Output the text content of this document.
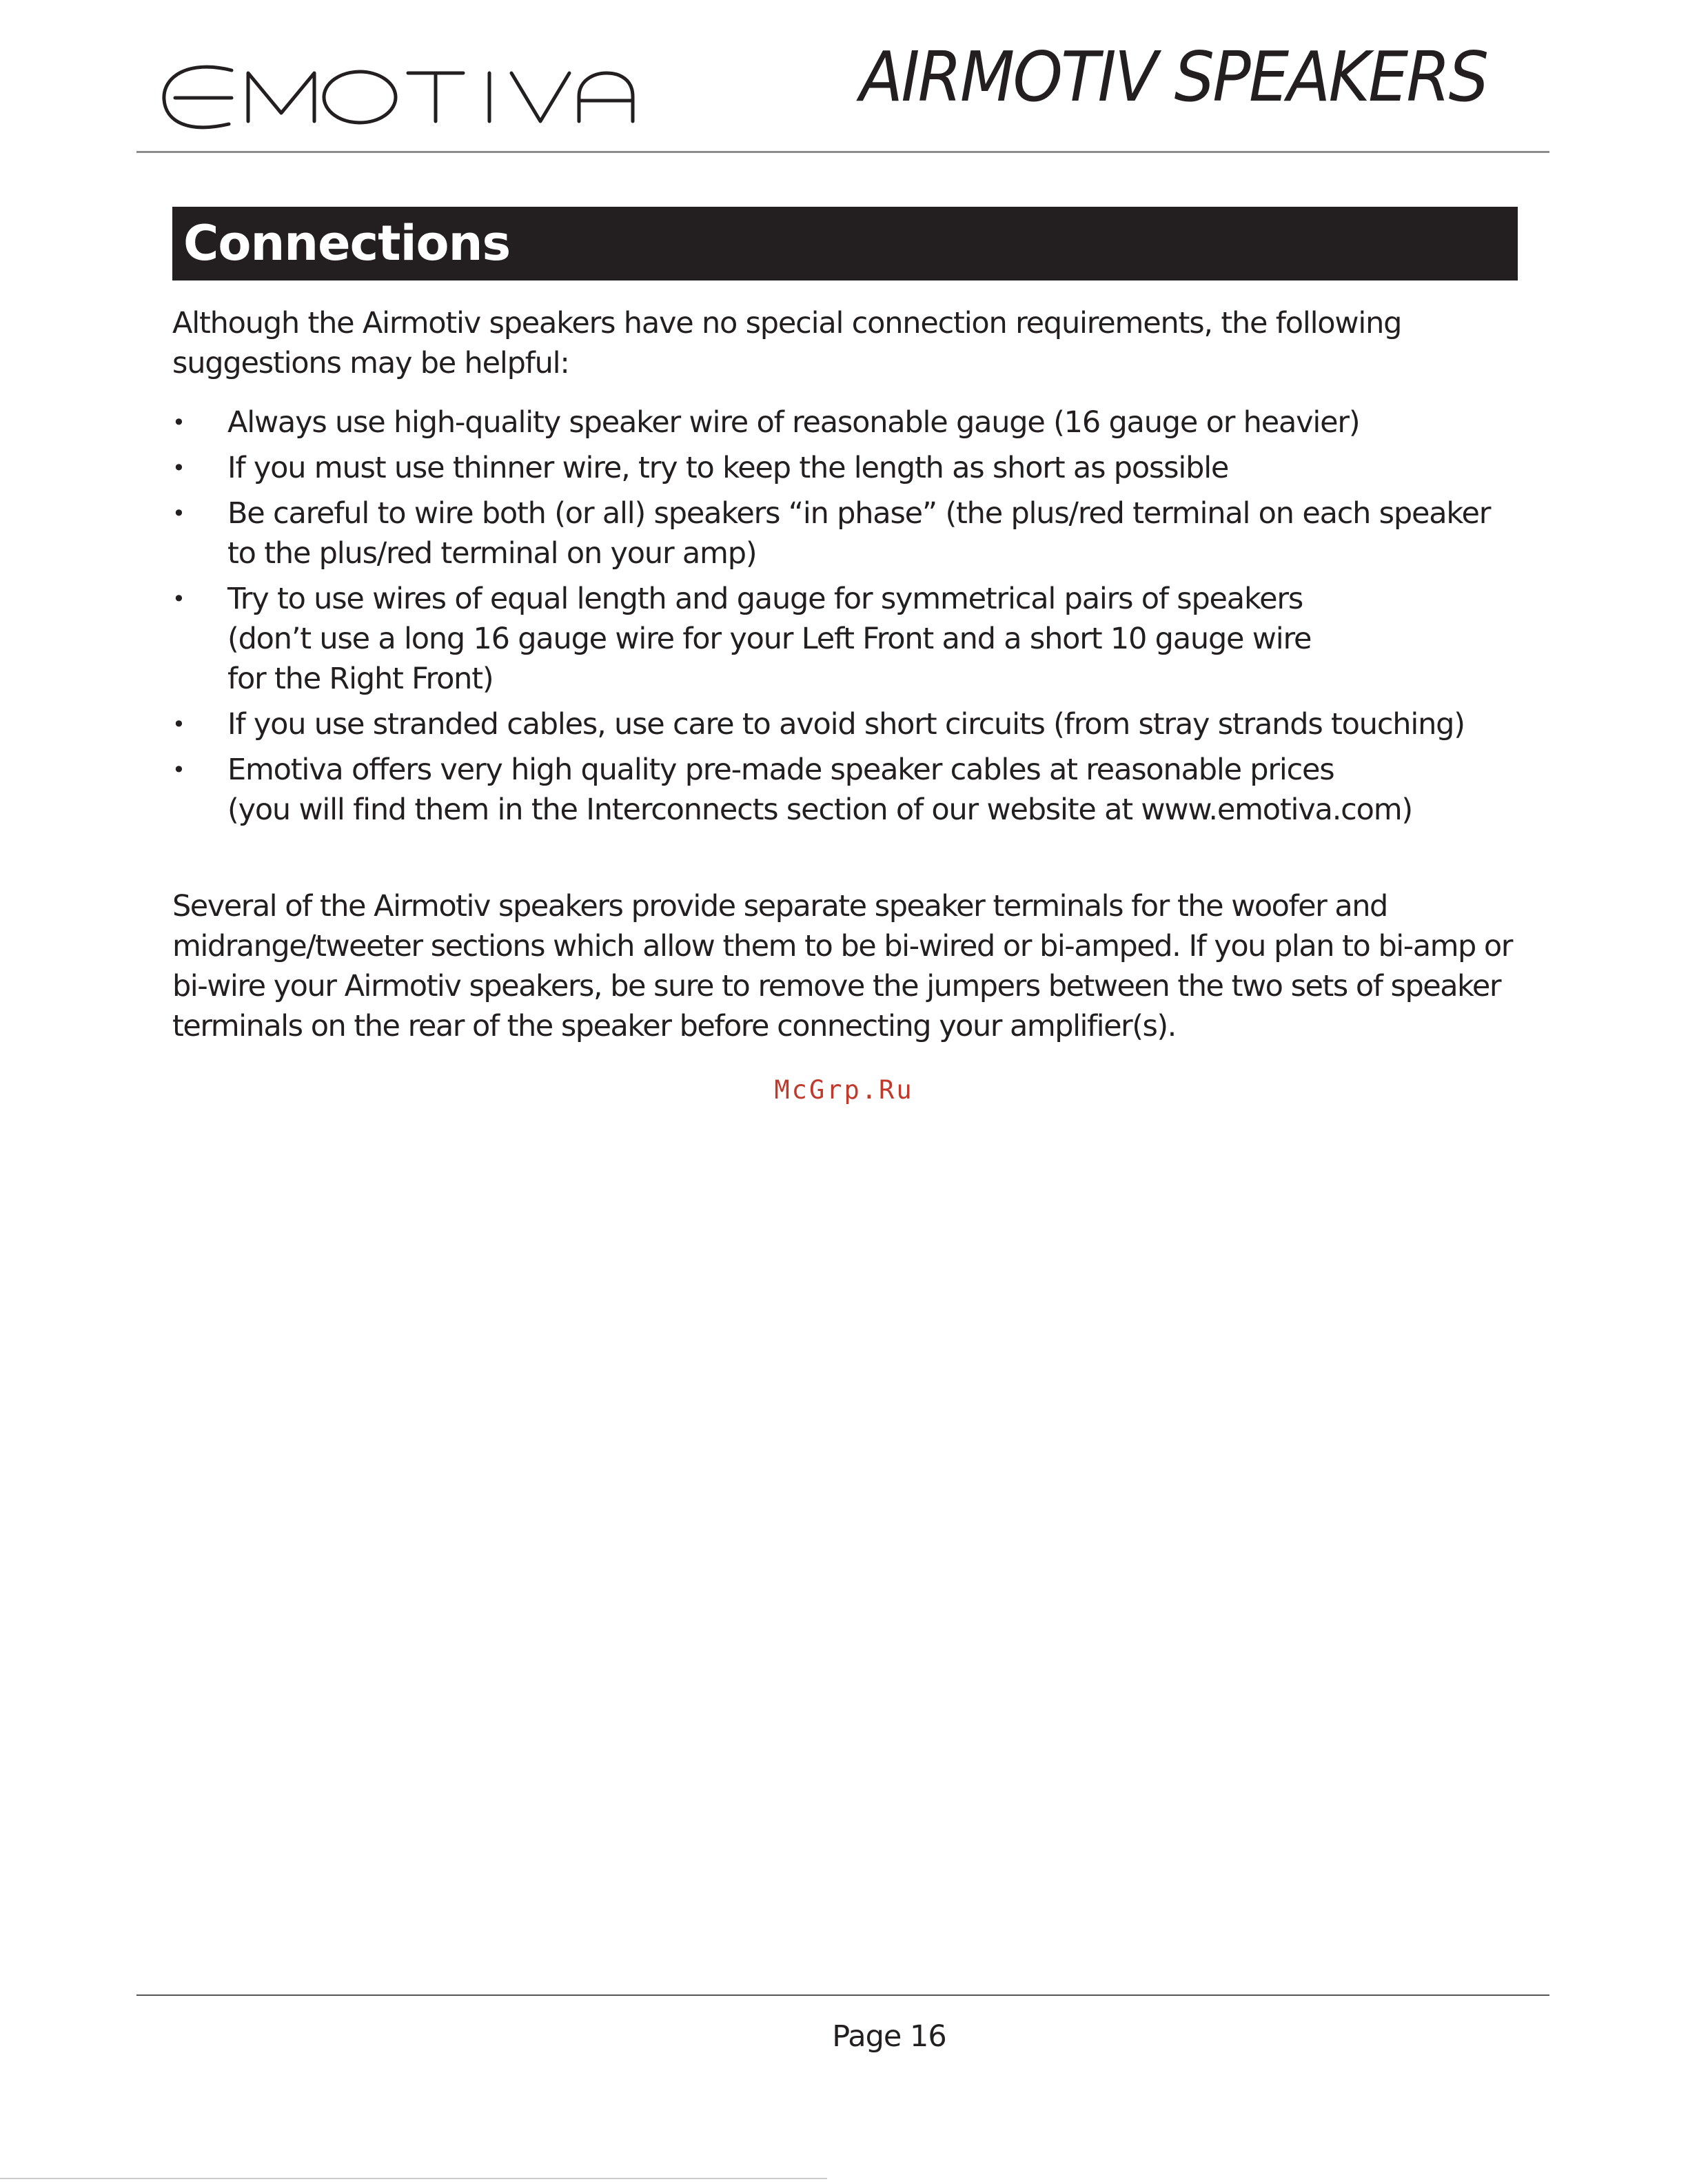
AIRMOTIV SPEAKERS
Connections

Although the Airmotiv speakers have no special connection requirements, the following suggestions may be helpful:

• Always use high-quality speaker wire of reasonable gauge (16 gauge or heavier)
• If you must use thinner wire, try to keep the length as short as possible
• Be careful to wire both (or all) speakers “in phase” (the plus/red terminal on each speaker to the plus/red terminal on your amp)
• Try to use wires of equal length and gauge for symmetrical pairs of speakers
(don’t use a long 16 gauge wire for your Left Front and a short 10 gauge wire
for the Right Front)
• If you use stranded cables, use care to avoid short circuits (from stray strands touching)
• Emotiva offers very high quality pre-made speaker cables at reasonable prices
(you will find them in the Interconnects section of our website at www.emotiva.com)

Several of the Airmotiv speakers provide separate speaker terminals for the woofer and midrange/tweeter sections which allow them to be bi-wired or bi-amped. If you plan to bi-amp or bi-wire your Airmotiv speakers, be sure to remove the jumpers between the two sets of speaker terminals on the rear of the speaker before connecting your amplifier(s).

McGrp.Ru
Page 16
